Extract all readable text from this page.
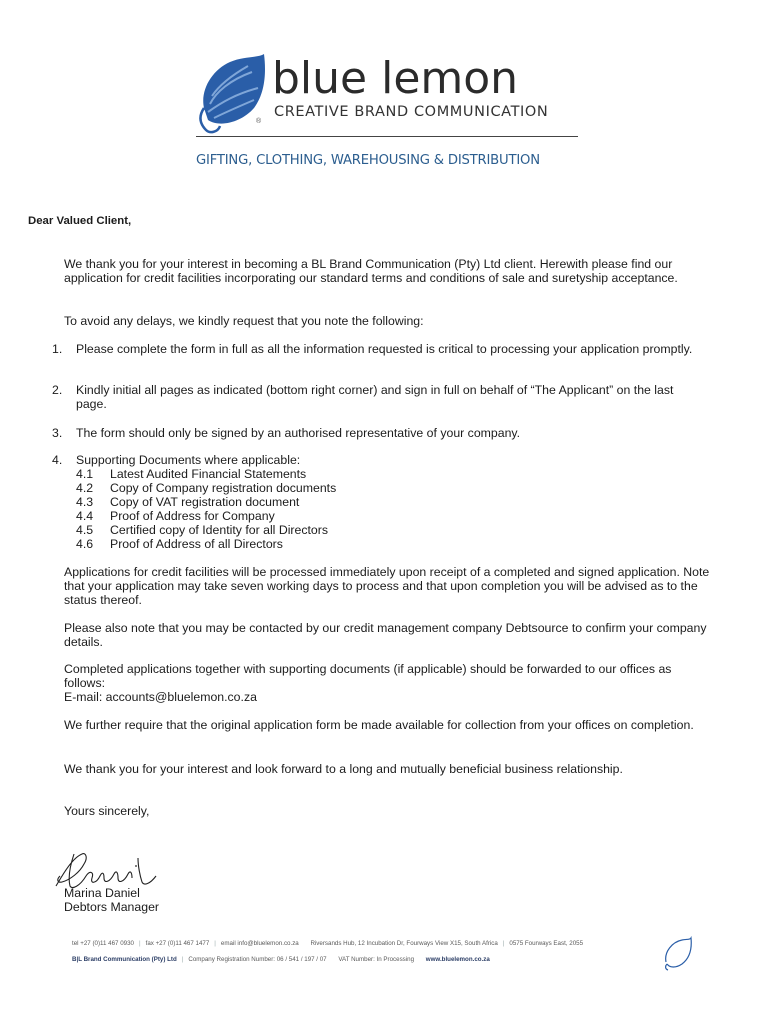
blue lemon
CREATIVE BRAND COMMUNICATION
®
GIFTING, CLOTHING, WAREHOUSING & DISTRIBUTION

Dear Valued Client,

We thank you for your interest in becoming a BL Brand Communication (Pty) Ltd client. Herewith please find our application for credit facilities incorporating our standard terms and conditions of sale and suretyship acceptance.

To avoid any delays, we kindly request that you note the following:

1. Please complete the form in full as all the information requested is critical to processing your application promptly.
2. Kindly initial all pages as indicated (bottom right corner) and sign in full on behalf of “The Applicant” on the last page.
3. The form should only be signed by an authorised representative of your company.
4. Supporting Documents where applicable:
4.1 Latest Audited Financial Statements
4.2 Copy of Company registration documents
4.3 Copy of VAT registration document
4.4 Proof of Address for Company
4.5 Certified copy of Identity for all Directors
4.6 Proof of Address of all Directors

Applications for credit facilities will be processed immediately upon receipt of a completed and signed application. Note that your application may take seven working days to process and that upon completion you will be advised as to the status thereof.

Please also note that you may be contacted by our credit management company Debtsource to confirm your company details.

Completed applications together with supporting documents (if applicable) should be forwarded to our offices as follows:

E-mail: accounts@bluelemon.co.za

We further require that the original application form be made available for collection from your offices on completion.

We thank you for your interest and look forward to a long and mutually beneficial business relationship.

Yours sincerely,

Marina Daniel

Debtors Manager

tel +27 (0)11 467 0930 | fax +27 (0)11 467 1477 | email info@bluelemon.co.za Riversands Hub, 12 Incubation Dr, Fourways View X15, South Africa | 0575 Fourways East, 2055
B|L Brand Communication (Pty) Ltd | Company Registration Number: 06 / 541 / 197 / 07 VAT Number: In Processing www.bluelemon.co.za
